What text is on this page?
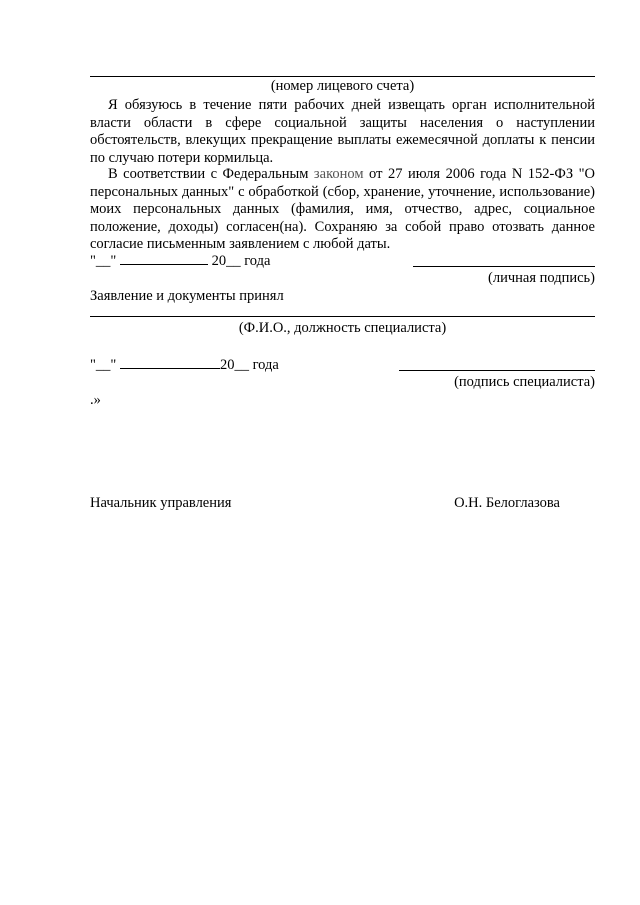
(номер лицевого счета)
Я обязуюсь в течение пяти рабочих дней извещать орган исполнительной власти области в сфере социальной защиты населения о наступлении обстоятельств, влекущих прекращение выплаты ежемесячной доплаты к пенсии по случаю потери кормильца.
В соответствии с Федеральным законом от 27 июля 2006 года N 152-ФЗ "О персональных данных" с обработкой (сбор, хранение, уточнение, использование) моих персональных данных (фамилия, имя, отчество, адрес, социальное положение, доходы) согласен(на). Сохраняю за собой право отозвать данное согласие письменным заявлением с любой даты.
"__"	20__ года
(личная подпись)
Заявление и документы принял
(Ф.И.О., должность специалиста)
"__"	20__ года
(подпись специалиста)
.»
Начальник управления	О.Н. Белоглазова
